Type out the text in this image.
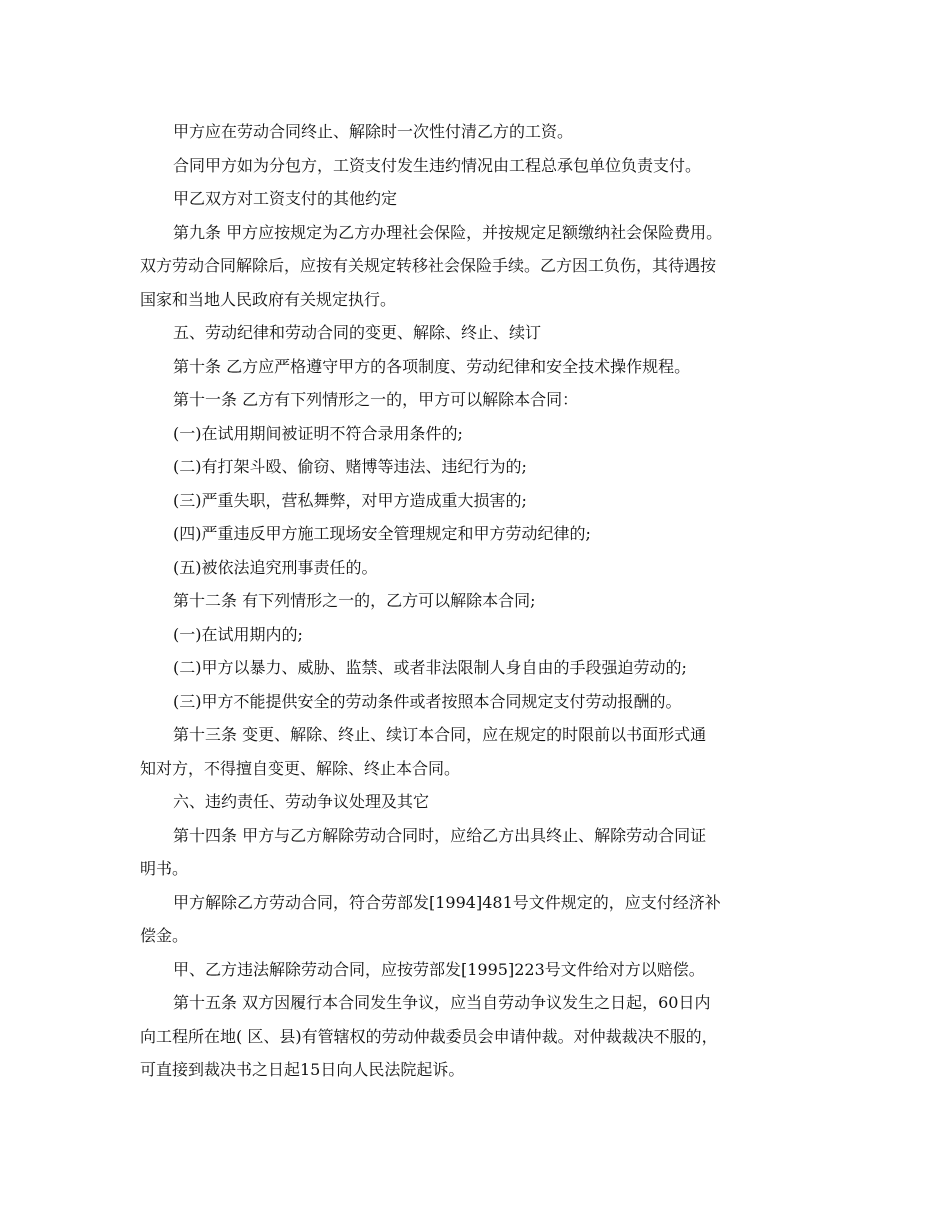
甲方应在劳动合同终止、解除时一次性付清乙方的工资。
合同甲方如为分包方，工资支付发生违约情况由工程总承包单位负责支付。
甲乙双方对工资支付的其他约定
第九条 甲方应按规定为乙方办理社会保险，并按规定足额缴纳社会保险费用。
双方劳动合同解除后，应按有关规定转移社会保险手续。乙方因工负伤，其待遇按
国家和当地人民政府有关规定执行。
五、劳动纪律和劳动合同的变更、解除、终止、续订
第十条 乙方应严格遵守甲方的各项制度、劳动纪律和安全技术操作规程。
第十一条 乙方有下列情形之一的，甲方可以解除本合同：
(一)在试用期间被证明不符合录用条件的;
(二)有打架斗殴、偷窃、赌博等违法、违纪行为的;
(三)严重失职，营私舞弊，对甲方造成重大损害的;
(四)严重违反甲方施工现场安全管理规定和甲方劳动纪律的;
(五)被依法追究刑事责任的。
第十二条 有下列情形之一的，乙方可以解除本合同;
(一)在试用期内的;
(二)甲方以暴力、威胁、监禁、或者非法限制人身自由的手段强迫劳动的;
(三)甲方不能提供安全的劳动条件或者按照本合同规定支付劳动报酬的。
第十三条 变更、解除、终止、续订本合同，应在规定的时限前以书面形式通
知对方，不得擅自变更、解除、终止本合同。
六、违约责任、劳动争议处理及其它
第十四条 甲方与乙方解除劳动合同时，应给乙方出具终止、解除劳动合同证
明书。
甲方解除乙方劳动合同，符合劳部发[1994]481号文件规定的，应支付经济补
偿金。
甲、乙方违法解除劳动合同，应按劳部发[1995]223号文件给对方以赔偿。
第十五条 双方因履行本合同发生争议，应当自劳动争议发生之日起，60日内
向工程所在地( 区、县)有管辖权的劳动仲裁委员会申请仲裁。对仲裁裁决不服的，
可直接到裁决书之日起15日向人民法院起诉。
